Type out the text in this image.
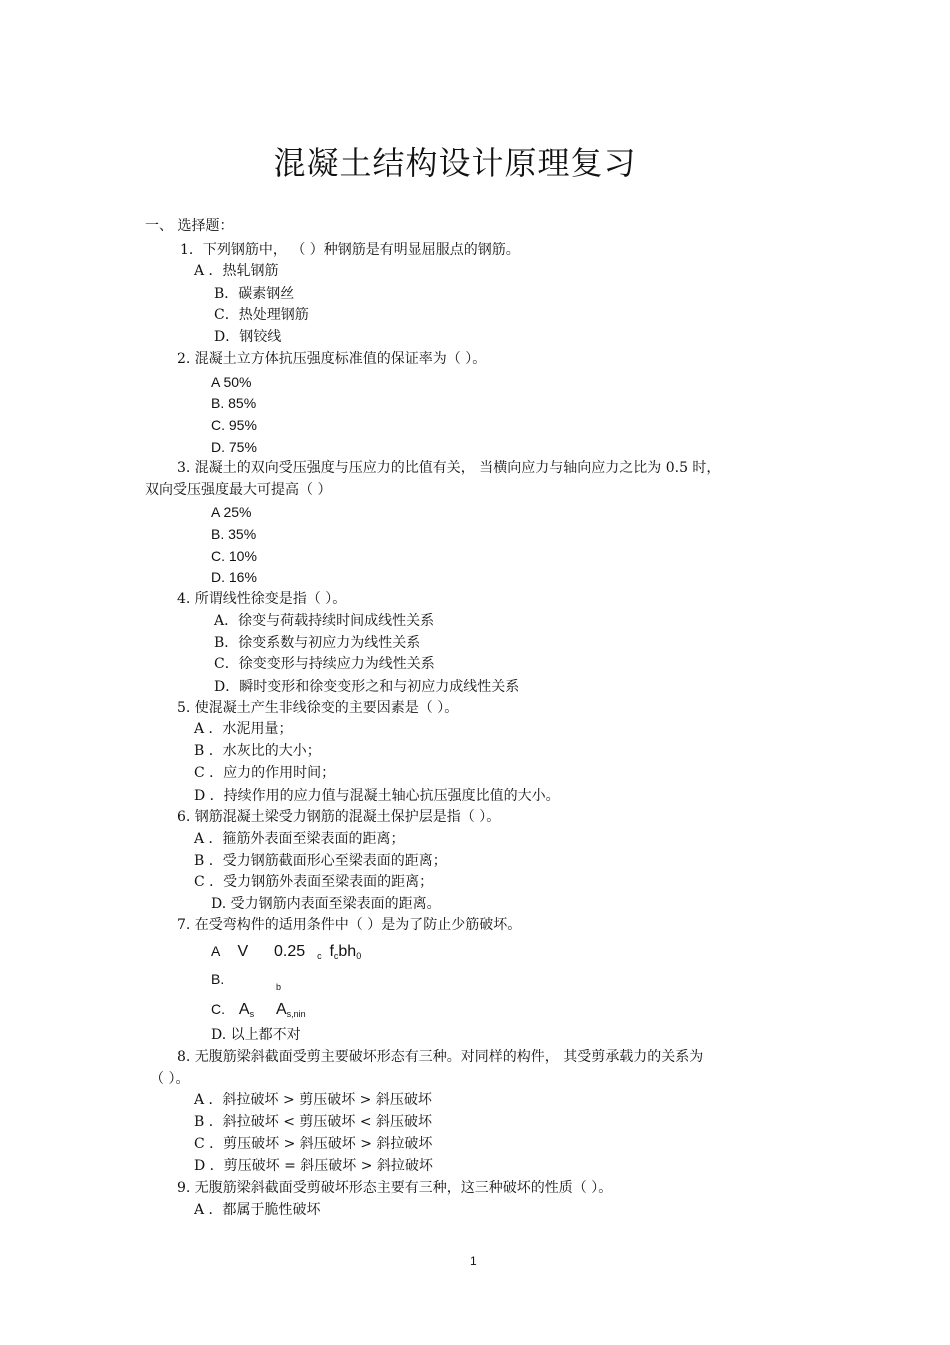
混凝土结构设计原理复习
一、 选择题：
1．下列钢筋中， （ ）种钢筋是有明显屈服点的钢筋。
A ．热轧钢筋
B．碳素钢丝
C．热处理钢筋
D．钢铰线
2. 混凝土立方体抗压强度标准值的保证率为（ ）。
A 50%
B. 85%
C. 95%
D. 75%
3. 混凝土的双向受压强度与压应力的比值有关， 当横向应力与轴向应力之比为 0.5 时，
双向受压强度最大可提高（ ）
A 25%
B. 35%
C. 10%
D. 16%
4. 所谓线性徐变是指（ ）。
A．徐变与荷载持续时间成线性关系
B．徐变系数与初应力为线性关系
C．徐变变形与持续应力为线性关系
D．瞬时变形和徐变变形之和与初应力成线性关系
5. 使混凝土产生非线徐变的主要因素是（ ）。
A ．水泥用量；
B ．水灰比的大小；
C ．应力的作用时间；
D ．持续作用的应力值与混凝土轴心抗压强度比值的大小。
6. 钢筋混凝土梁受力钢筋的混凝土保护层是指（ ）。
A ．箍筋外表面至梁表面的距离；
B ．受力钢筋截面形心至梁表面的距离；
C ．受力钢筋外表面至梁表面的距离；
D. 受力钢筋内表面至梁表面的距离。
7. 在受弯构件的适用条件中（ ）是为了防止少筋破坏。
A V 0.25 $_c$ $f_cbh_0$
B.	b
C. $A_s$ $A_{s,nin}$
D. 以上都不对
8. 无腹筋梁斜截面受剪主要破坏形态有三种。对同样的构件， 其受剪承载力的关系为
（ ）。
A ．斜拉破坏 > 剪压破坏 > 斜压破坏
B ．斜拉破坏 < 剪压破坏 < 斜压破坏
C ．剪压破坏 > 斜压破坏 > 斜拉破坏
D ．剪压破坏 = 斜压破坏 > 斜拉破坏
9. 无腹筋梁斜截面受剪破坏形态主要有三种，这三种破坏的性质（ ）。
A ．都属于脆性破坏
1
